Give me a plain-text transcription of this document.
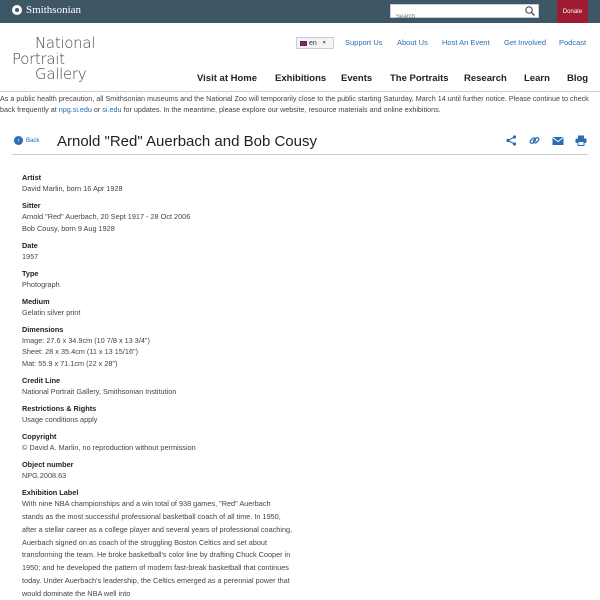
Smithsonian
Search	Donate
National
Portrait
Gallery
en ▼ Support Us About Us Host An Event Get Involved Podcast
Visit at Home Exhibitions Events The Portraits Research Learn Blog
As a public health precaution, all Smithsonian museums and the National Zoo will temporarily close to the public starting Saturday, March 14 until further notice. Please continue to check back frequently at npg.si.edu or si.edu for updates. In the meantime, please explore our website, resource materials and online exhibitions.
‹	Back Arnold "Red" Auerbach and Bob Cousy
Artist
David Marlin, born 16 Apr 1928
Sitter
Arnold "Red" Auerbach, 20 Sept 1917 - 28 Oct 2006
Bob Cousy, born 9 Aug 1928
Date
1957
Type
Photograph
Medium
Gelatin silver print
Dimensions
Image: 27.6 x 34.9cm (10 7/8 x 13 3/4")
Sheet: 28 x 35.4cm (11 x 13 15/16")
Mat: 55.9 x 71.1cm (22 x 28")
Credit Line
National Portrait Gallery, Smithsonian Institution
Restrictions & Rights
Usage conditions apply
Copyright
© David A. Marlin, no reproduction without permission
Object number
NPG.2008.63
Exhibition Label
With nine NBA championships and a win total of 938 games, "Red" Auerbach stands as the most successful professional basketball coach of all time. In 1950, after a stellar career as a college player and several years of professional coaching, Auerbach signed on as coach of the struggling Boston Celtics and set about transforming the team. He broke basketball's color line by drafting Chuck Cooper in 1950; and he developed the pattern of modern fast-break basketball that continues today. Under Auerbach's leadership, the Celtics emerged as a perennial power that would dominate the NBA well into
